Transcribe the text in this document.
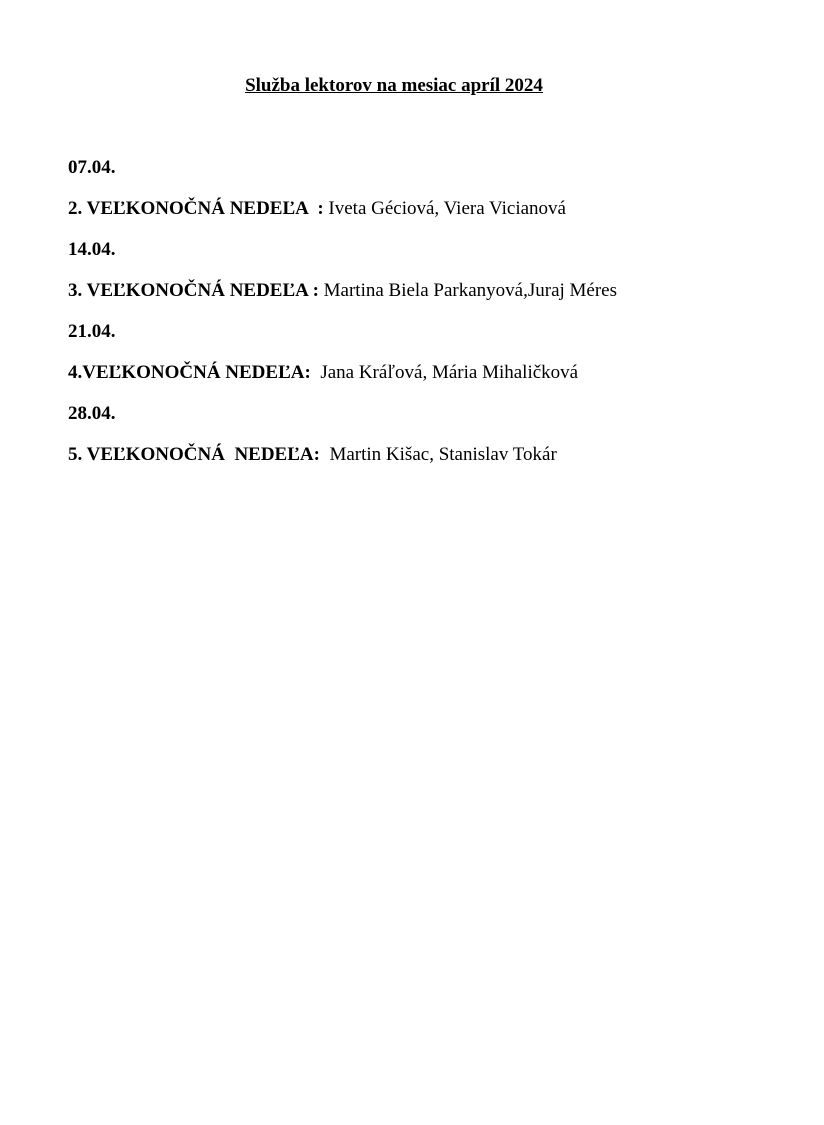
Služba lektorov na mesiac apríl 2024

07.04.

2. VEĽKONOČNÁ NEDEĽA  : Iveta Géciová, Viera Vicianová

14.04.

3. VEĽKONOČNÁ NEDEĽA : Martina Biela Parkanyová,Juraj Méres

21.04.

4.VEĽKONOČNÁ NEDEĽA:  Jana Kráľová, Mária Mihaličková

28.04.

5. VEĽKONOČNÁ  NEDEĽA:  Martin Kišac, Stanislav Tokár
